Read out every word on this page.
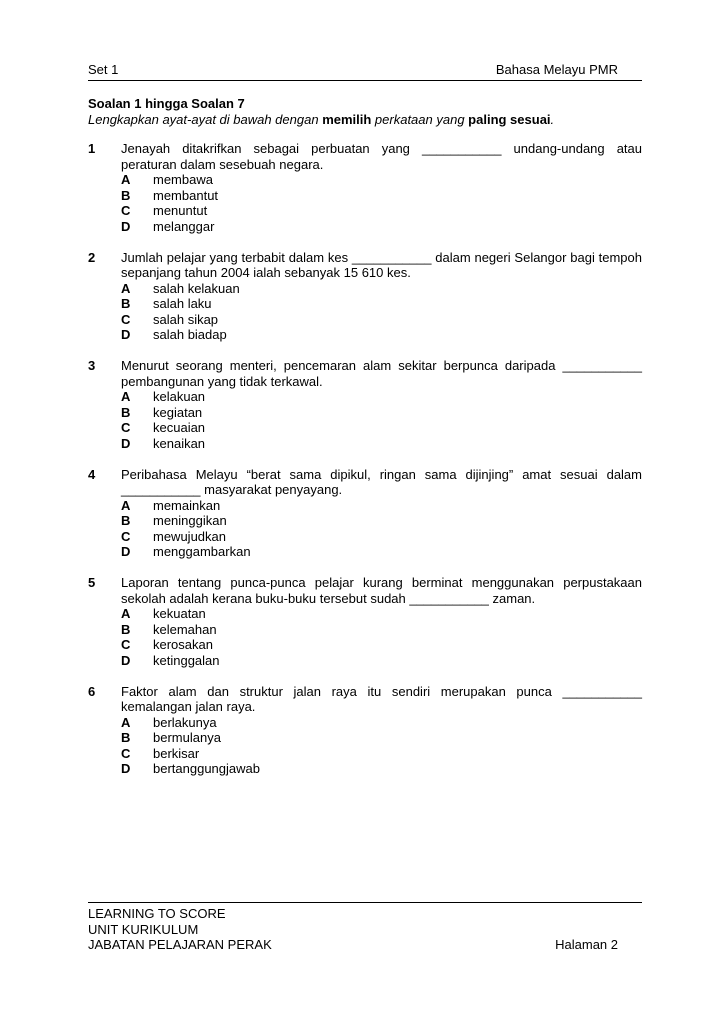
Set 1	Bahasa Melayu PMR
Soalan 1 hingga Soalan 7
Lengkapkan ayat-ayat di bawah dengan memilih perkataan yang paling sesuai.
1	Jenayah ditakrifkan sebagai perbuatan yang ___________ undang-undang atau peraturan dalam sesebuah negara.
A	membawa
B	membantut
C	menuntut
D	melanggar
2	Jumlah pelajar yang terbabit dalam kes ___________ dalam negeri Selangor bagi tempoh sepanjang tahun 2004 ialah sebanyak 15 610 kes.
A	salah kelakuan
B	salah laku
C	salah sikap
D	salah biadap
3	Menurut seorang menteri, pencemaran alam sekitar berpunca daripada ___________ pembangunan yang tidak terkawal.
A	kelakuan
B	kegiatan
C	kecuaian
D	kenaikan
4	Peribahasa Melayu “berat sama dipikul, ringan sama dijinjing” amat sesuai dalam ___________ masyarakat penyayang.
A	memainkan
B	meninggikan
C	mewujudkan
D	menggambarkan
5	Laporan tentang punca-punca pelajar kurang berminat menggunakan perpustakaan sekolah adalah kerana buku-buku tersebut sudah ___________ zaman.
A	kekuatan
B	kelemahan
C	kerosakan
D	ketinggalan
6	Faktor alam dan struktur jalan raya itu sendiri merupakan punca ___________ kemalangan jalan raya.
A	berlakunya
B	bermulanya
C	berkisar
D	bertanggungjawab
LEARNING TO SCORE
UNIT KURIKULUM
JABATAN PELAJARAN PERAK	Halaman 2
